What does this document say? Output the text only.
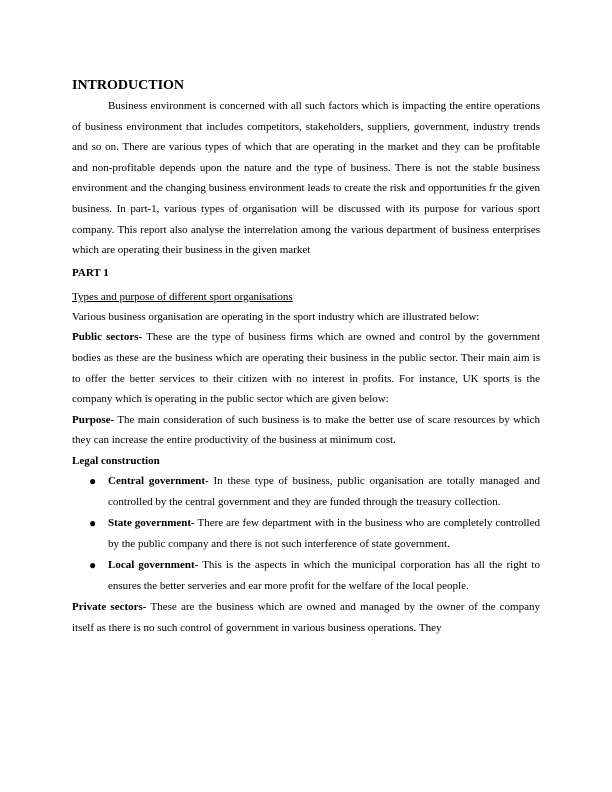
INTRODUCTION

Business environment is concerned with all such factors which is impacting the entire operations of business environment that includes competitors, stakeholders, suppliers, government, industry trends and so on. There are various types of which that are operating in the market and they can be profitable and non-profitable depends upon the nature and the type of business. There is not the stable business environment and the changing business environment leads to create the risk and opportunities fr the given business. In part-1, various types of organisation will be discussed with its purpose for various sport company. This report also analyse the interrelation among the various department of business enterprises which are operating their business in the given market

PART 1
Types and purpose of different sport organisations

Various business organisation are operating in the sport industry which are illustrated below:

Public sectors- These are the type of business firms which are owned and control by the government bodies as these are the business which are operating their business in the public sector. Their main aim is to offer the better services to their citizen with no interest in profits. For instance, UK sports is the company which is operating in the public sector which are given below:

Purpose- The main consideration of such business is to make the better use of scare resources by which they can increase the entire productivity of the business at minimum cost.

Legal construction
● Central government- In these type of business, public organisation are totally managed and controlled by the central government and they are funded through the treasury collection.
● State government- There are few department with in the business who are completely controlled by the public company and there is not such interference of state government.
● Local government- This is the aspects in which the municipal corporation has all the right to ensures the better serveries and ear more profit for the welfare of the local people.

Private sectors- These are the business which are owned and managed by the owner of the company itself as there is no such control of government in various business operations. They
